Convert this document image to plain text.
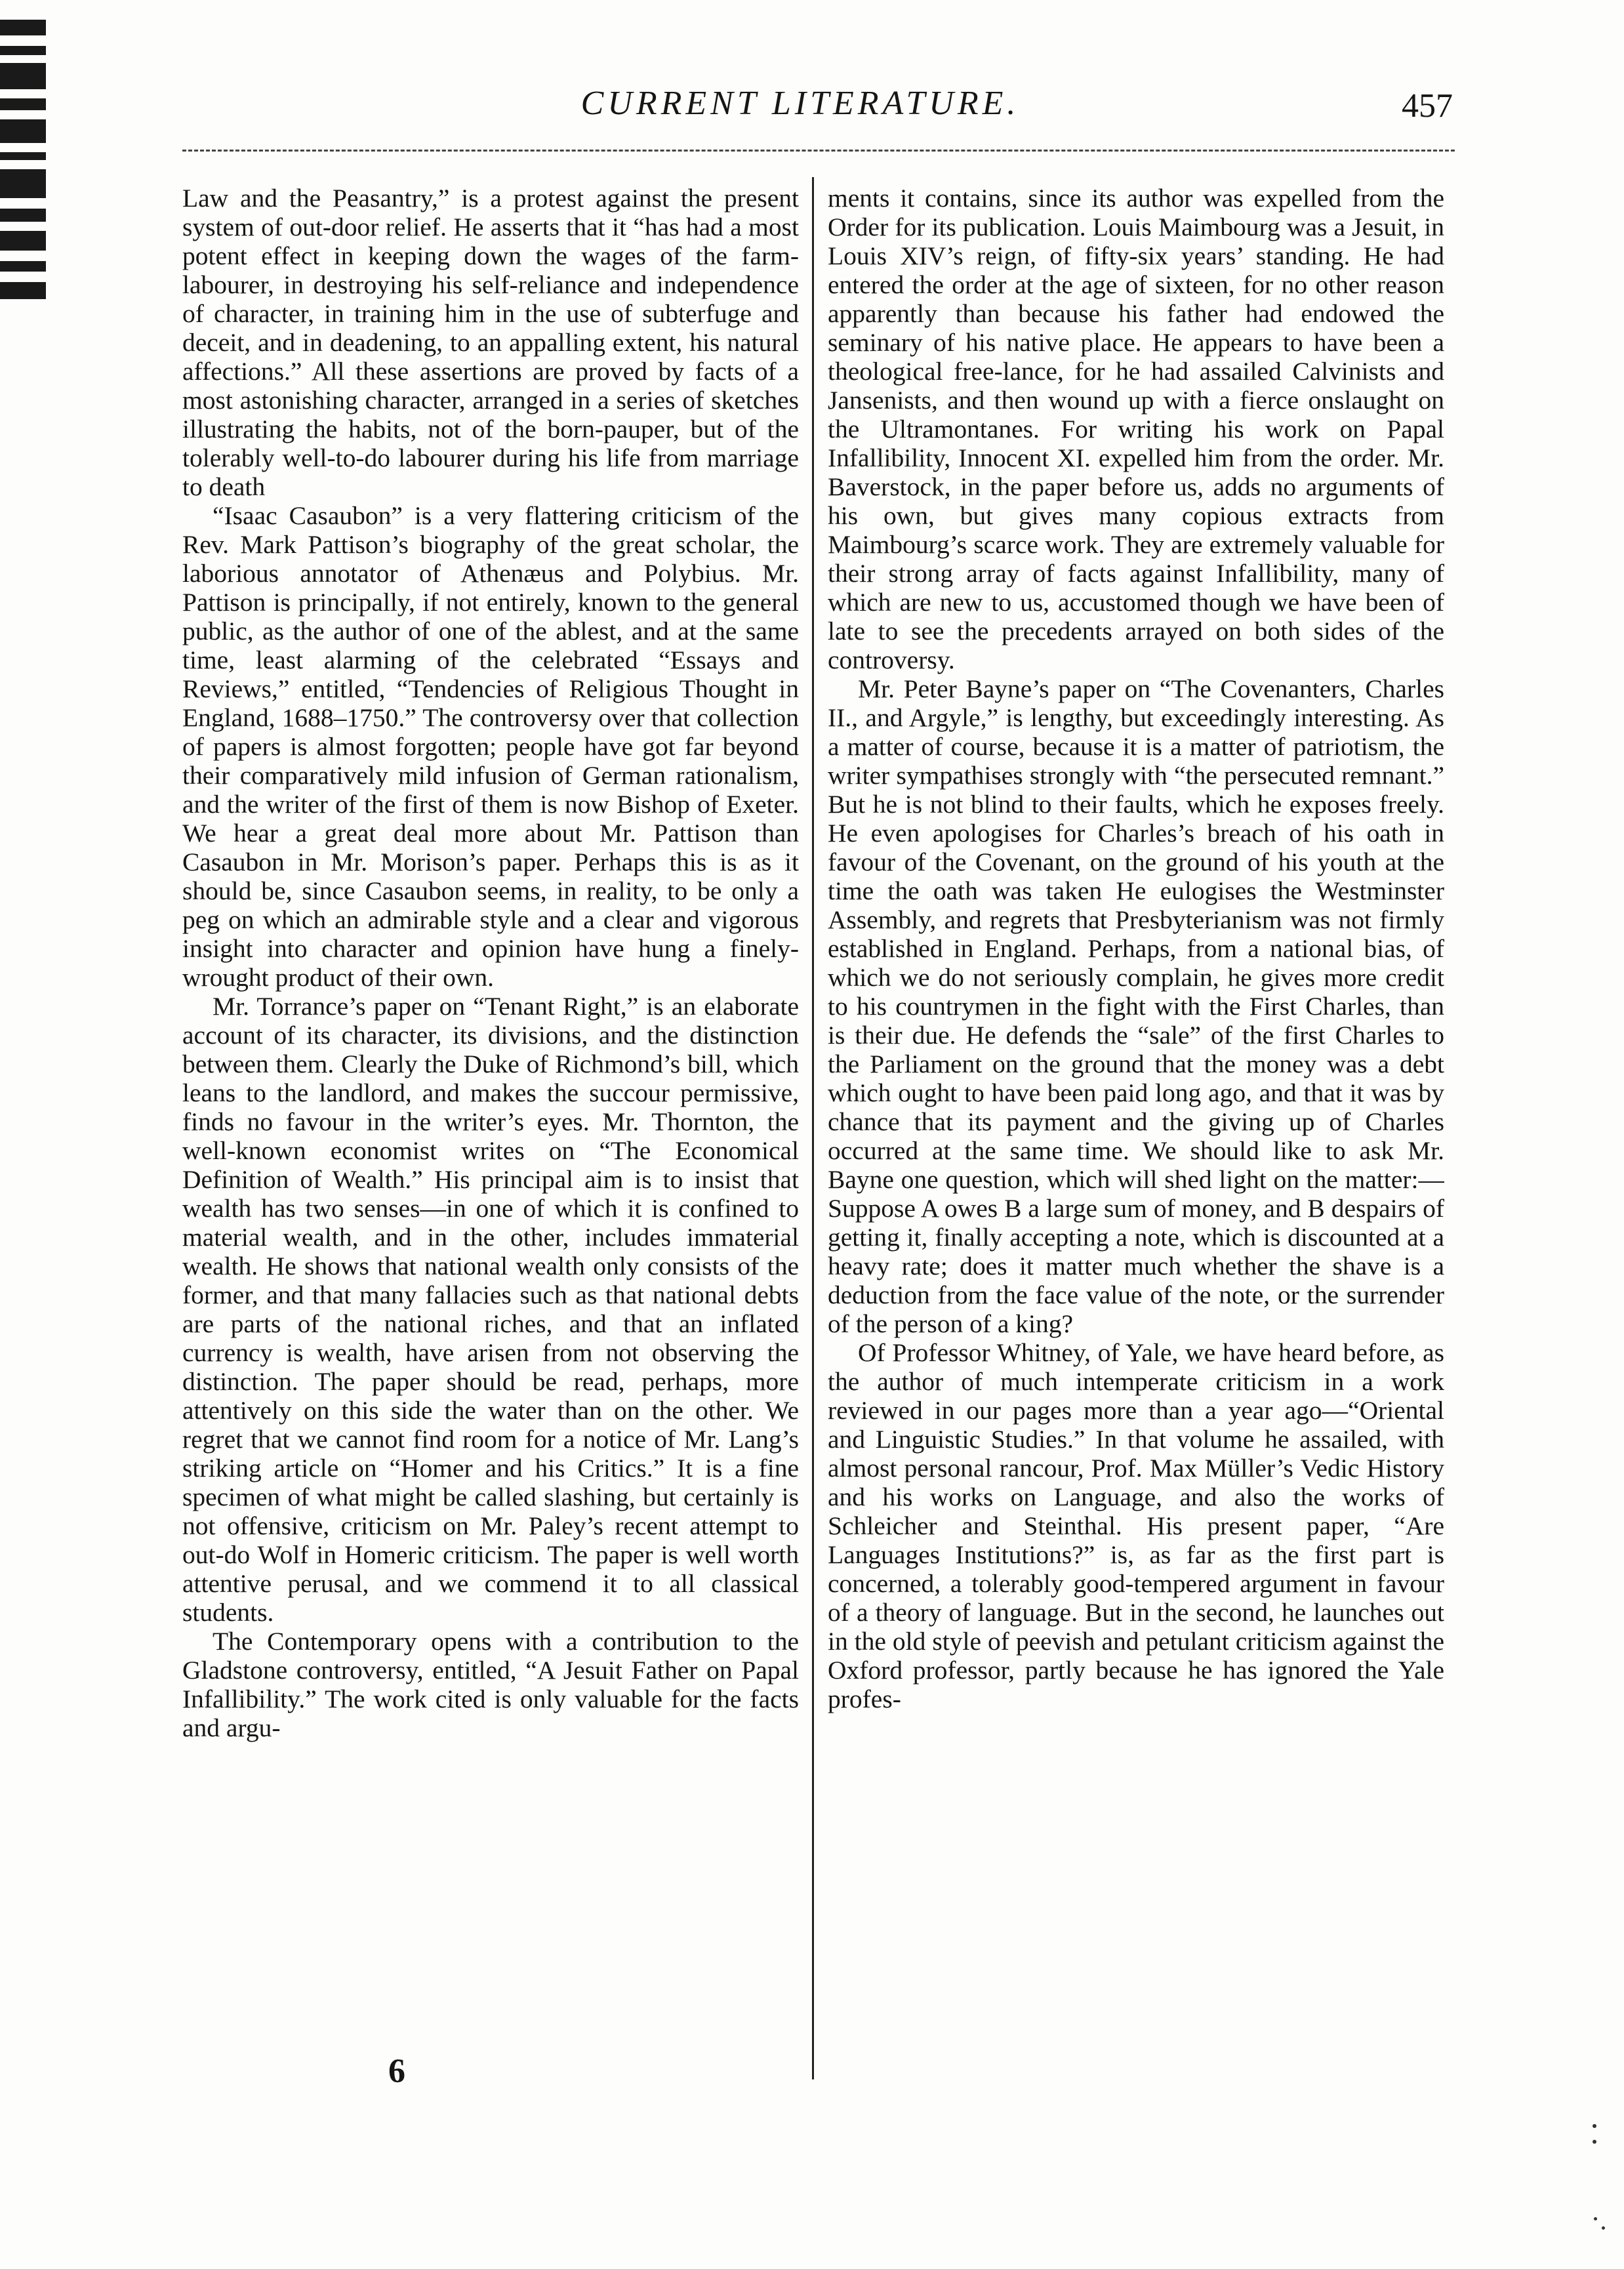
CURRENT LITERATURE.	457

Law and the Peasantry,” is a protest against the present system of out-door relief. He asserts that it “has had a most potent effect in keeping down the wages of the farm-labourer, in destroying his self-reliance and independence of character, in training him in the use of subterfuge and deceit, and in deadening, to an appalling extent, his natural affections.” All these assertions are proved by facts of a most astonishing character, arranged in a series of sketches illustrating the habits, not of the born-pauper, but of the tolerably well-to-do labourer during his life from marriage to death

“Isaac Casaubon” is a very flattering criticism of the Rev. Mark Pattison’s biography of the great scholar, the laborious annotator of Athenæus and Polybius. Mr. Pattison is principally, if not entirely, known to the general public, as the author of one of the ablest, and at the same time, least alarming of the celebrated “Essays and Reviews,” entitled, “Tendencies of Religious Thought in England, 1688–1750.” The controversy over that collection of papers is almost forgotten; people have got far beyond their comparatively mild infusion of German rationalism, and the writer of the first of them is now Bishop of Exeter. We hear a great deal more about Mr. Pattison than Casaubon in Mr. Morison’s paper. Perhaps this is as it should be, since Casaubon seems, in reality, to be only a peg on which an admirable style and a clear and vigorous insight into character and opinion have hung a finely-wrought product of their own.

Mr. Torrance’s paper on “Tenant Right,” is an elaborate account of its character, its divisions, and the distinction between them. Clearly the Duke of Richmond’s bill, which leans to the landlord, and makes the succour permissive, finds no favour in the writer’s eyes. Mr. Thornton, the well-known economist writes on “The Economical Definition of Wealth.” His principal aim is to insist that wealth has two senses—in one of which it is confined to material wealth, and in the other, includes immaterial wealth. He shows that national wealth only consists of the former, and that many fallacies such as that national debts are parts of the national riches, and that an inflated currency is wealth, have arisen from not observing the distinction. The paper should be read, perhaps, more attentively on this side the water than on the other. We regret that we cannot find room for a notice of Mr. Lang’s striking article on “Homer and his Critics.” It is a fine specimen of what might be called slashing, but certainly is not offensive, criticism on Mr. Paley’s recent attempt to out-do Wolf in Homeric criticism. The paper is well worth attentive perusal, and we commend it to all classical students.

The Contemporary opens with a contribution to the Gladstone controversy, entitled, “A Jesuit Father on Papal Infallibility.” The work cited is only valuable for the facts and argu-

ments it contains, since its author was expelled from the Order for its publication. Louis Maimbourg was a Jesuit, in Louis XIV’s reign, of fifty-six years’ standing. He had entered the order at the age of sixteen, for no other reason apparently than because his father had endowed the seminary of his native place. He appears to have been a theological free-lance, for he had assailed Calvinists and Jansenists, and then wound up with a fierce onslaught on the Ultramontanes. For writing his work on Papal Infallibility, Innocent XI. expelled him from the order. Mr. Baverstock, in the paper before us, adds no arguments of his own, but gives many copious extracts from Maimbourg’s scarce work. They are extremely valuable for their strong array of facts against Infallibility, many of which are new to us, accustomed though we have been of late to see the precedents arrayed on both sides of the controversy.

Mr. Peter Bayne’s paper on “The Covenanters, Charles II., and Argyle,” is lengthy, but exceedingly interesting. As a matter of course, because it is a matter of patriotism, the writer sympathises strongly with “the persecuted remnant.” But he is not blind to their faults, which he exposes freely. He even apologises for Charles’s breach of his oath in favour of the Covenant, on the ground of his youth at the time the oath was taken He eulogises the Westminster Assembly, and regrets that Presbyterianism was not firmly established in England. Perhaps, from a national bias, of which we do not seriously complain, he gives more credit to his countrymen in the fight with the First Charles, than is their due. He defends the “sale” of the first Charles to the Parliament on the ground that the money was a debt which ought to have been paid long ago, and that it was by chance that its payment and the giving up of Charles occurred at the same time. We should like to ask Mr. Bayne one question, which will shed light on the matter:—Suppose A owes B a large sum of money, and B despairs of getting it, finally accepting a note, which is discounted at a heavy rate; does it matter much whether the shave is a deduction from the face value of the note, or the surrender of the person of a king?

Of Professor Whitney, of Yale, we have heard before, as the author of much intemperate criticism in a work reviewed in our pages more than a year ago—“Oriental and Linguistic Studies.” In that volume he assailed, with almost personal rancour, Prof. Max Müller’s Vedic History and his works on Language, and also the works of Schleicher and Steinthal. His present paper, “Are Languages Institutions?” is, as far as the first part is concerned, a tolerably good-tempered argument in favour of a theory of language. But in the second, he launches out in the old style of peevish and petulant criticism against the Oxford professor, partly because he has ignored the Yale profes-

6
